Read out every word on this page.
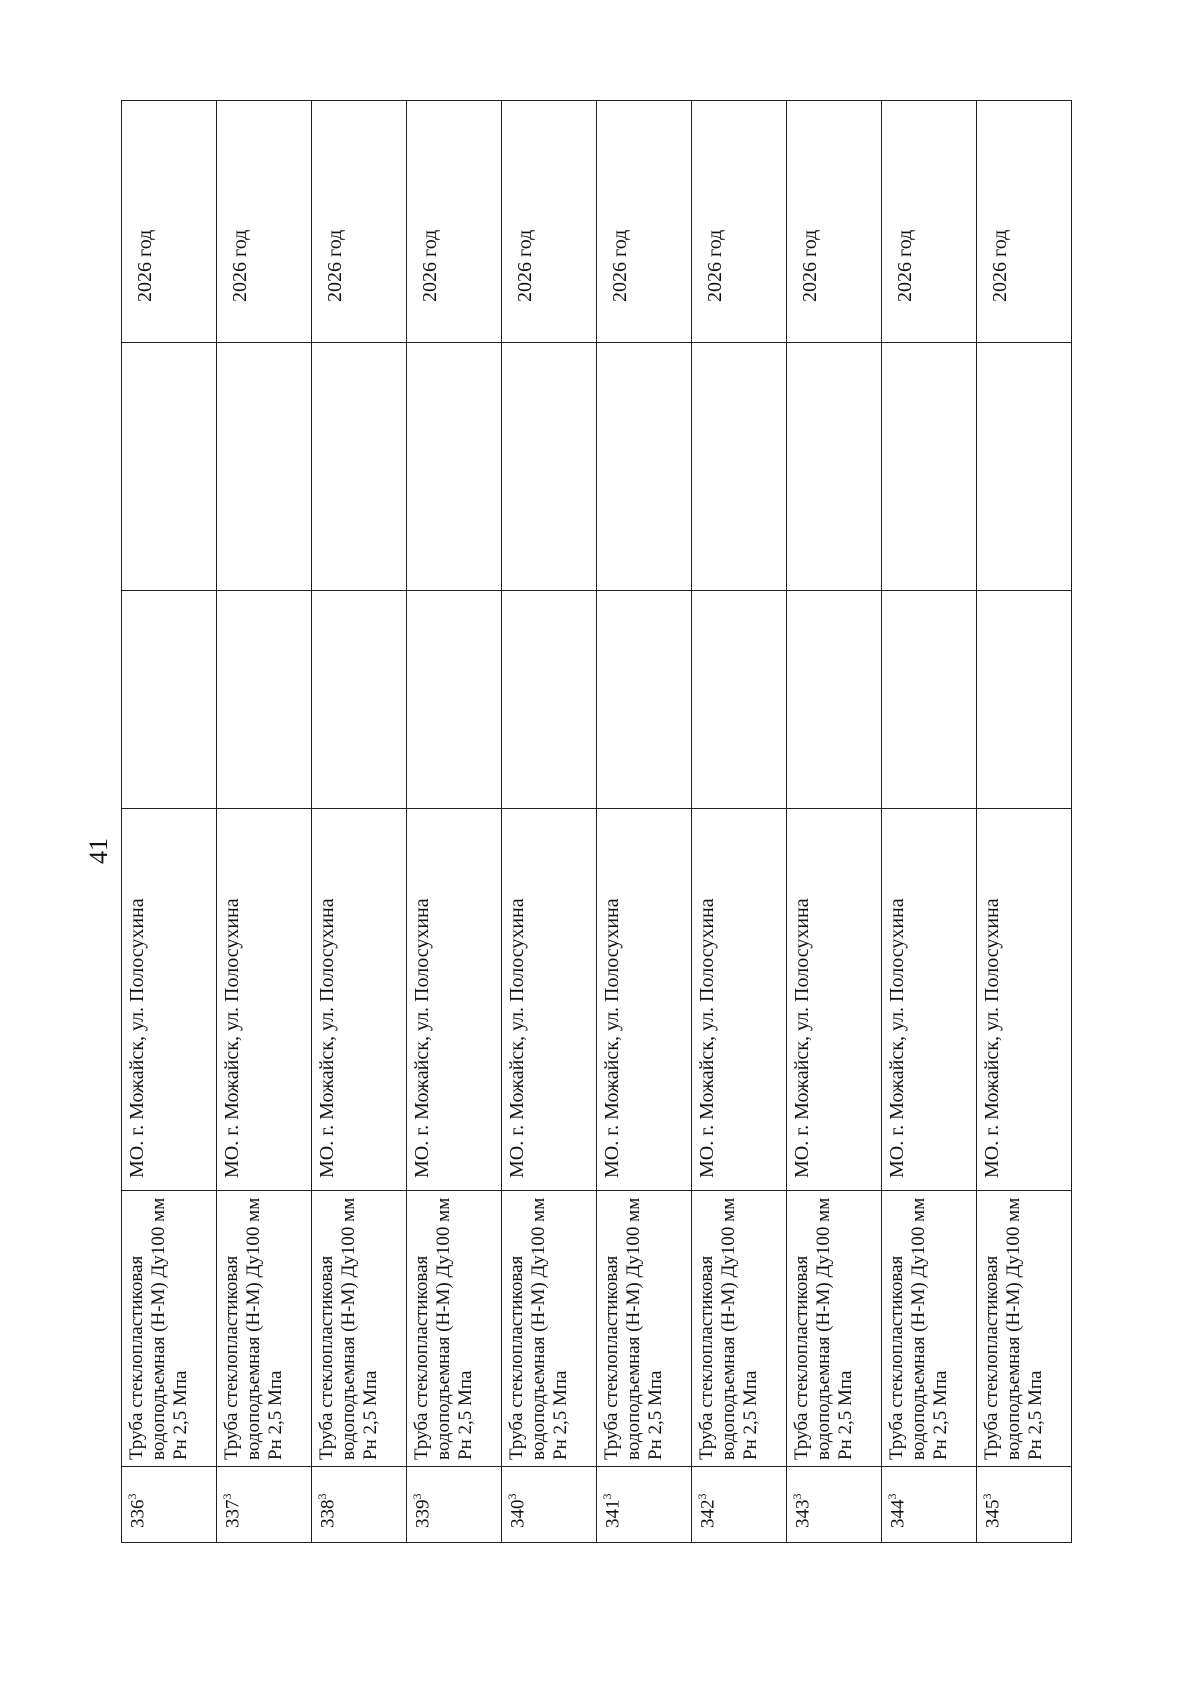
41
$336^3$	Труба стеклопластиковая водоподъемная (Н-М) Ду100 мм Рн 2,5 Мпа	МО. г. Можайск, ул. Полосухина			2026 год
$337^3$	Труба стеклопластиковая водоподъемная (Н-М) Ду100 мм Рн 2,5 Мпа	МО. г. Можайск, ул. Полосухина			2026 год
$338^3$	Труба стеклопластиковая водоподъемная (Н-М) Ду100 мм Рн 2,5 Мпа	МО. г. Можайск, ул. Полосухина			2026 год
$339^3$	Труба стеклопластиковая водоподъемная (Н-М) Ду100 мм Рн 2,5 Мпа	МО. г. Можайск, ул. Полосухина			2026 год
$340^3$	Труба стеклопластиковая водоподъемная (Н-М) Ду100 мм Рн 2,5 Мпа	МО. г. Можайск, ул. Полосухина			2026 год
$341^3$	Труба стеклопластиковая водоподъемная (Н-М) Ду100 мм Рн 2,5 Мпа	МО. г. Можайск, ул. Полосухина			2026 год
$342^3$	Труба стеклопластиковая водоподъемная (Н-М) Ду100 мм Рн 2,5 Мпа	МО. г. Можайск, ул. Полосухина			2026 год
$343^3$	Труба стеклопластиковая водоподъемная (Н-М) Ду100 мм Рн 2,5 Мпа	МО. г. Можайск, ул. Полосухина			2026 год
$344^3$	Труба стеклопластиковая водоподъемная (Н-М) Ду100 мм Рн 2,5 Мпа	МО. г. Можайск, ул. Полосухина			2026 год
$345^3$	Труба стеклопластиковая водоподъемная (Н-М) Ду100 мм Рн 2,5 Мпа	МО. г. Можайск, ул. Полосухина			2026 год
